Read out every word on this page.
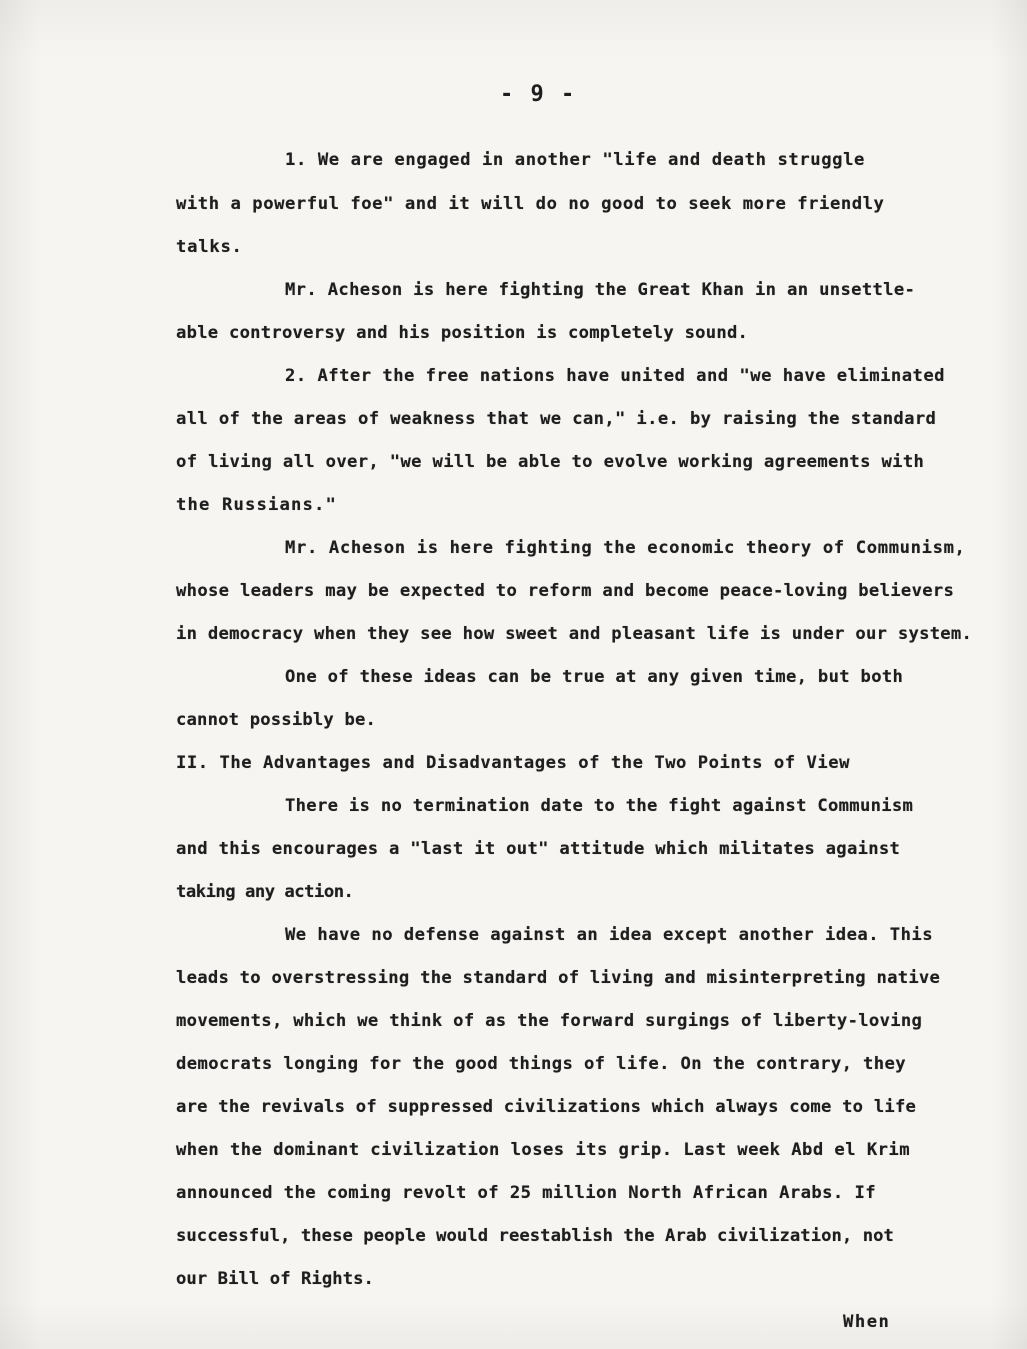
- 9 -

1. We are engaged in another "life and death struggle

with a powerful foe" and it will do no good to seek more friendly

talks.

Mr. Acheson is here fighting the Great Khan in an unsettle-

able controversy and his position is completely sound.

2. After the free nations have united and "we have eliminated

all of the areas of weakness that we can," i.e. by raising the standard

of living all over, "we will be able to evolve working agreements with

the Russians."

Mr. Acheson is here fighting the economic theory of Communism,

whose leaders may be expected to reform and become peace-loving believers

in democracy when they see how sweet and pleasant life is under our system.

One of these ideas can be true at any given time, but both

cannot possibly be.

II. The Advantages and Disadvantages of the Two Points of View

There is no termination date to the fight against Communism

and this encourages a "last it out" attitude which militates against

taking any action.

We have no defense against an idea except another idea. This

leads to overstressing the standard of living and misinterpreting native

movements, which we think of as the forward surgings of liberty-loving

democrats longing for the good things of life. On the contrary, they

are the revivals of suppressed civilizations which always come to life

when the dominant civilization loses its grip. Last week Abd el Krim

announced the coming revolt of 25 million North African Arabs. If

successful, these people would reestablish the Arab civilization, not

our Bill of Rights.

When
